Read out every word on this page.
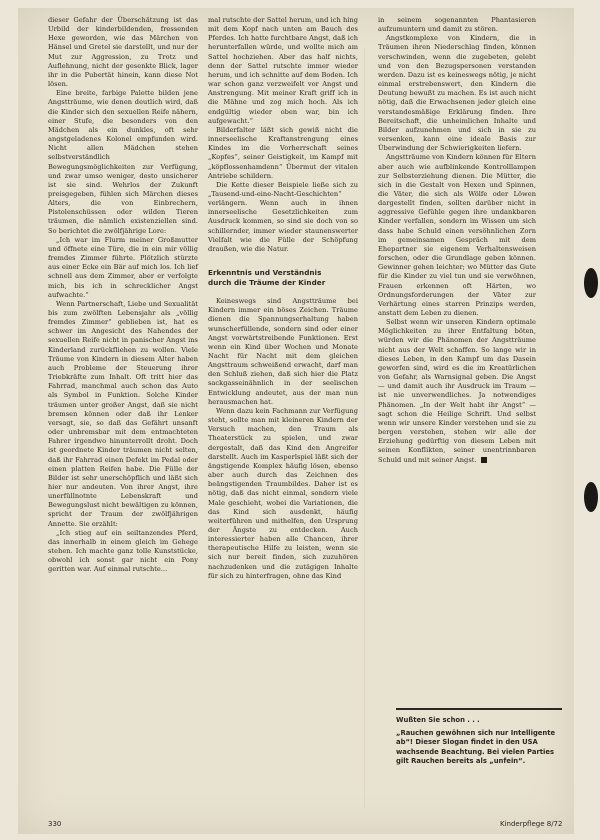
dieser Gefahr der Überschätzung ist das Urbild der kinderbildenden, fressenden Hexe geworden, wie das Märchen von Hänsel und Gretel sie darstellt, und nur der Mut zur Aggression, zu Trotz und Auflehnung, nicht der gesenkte Blick, lager ihr in die Pubertät hinein, kann diese Not lösen.

Eine breite, farbige Palette bilden jene Angstträume, wie denen deutlich wird, daß die Kinder sich den sexuellen Reife nähern, einer Stufe, die besonders von den Mädchen als ein dunkles, oft sehr angstgeladenes Kolonel empfunden wird. Nicht allen Mädchen stehen selbstverständlich Bewegungsmöglichkeiten zur Verfügung, und zwar umso weniger, desto unsicherer ist sie sind. Wehrlos der Zukunft preisgegeben, fühlen sich Märchen dieses Alters, die von Einbrechern, Pistolenschüssen oder wilden Tieren träumen, die nämlich existenziellen sind. So berichtet die zwölfjährige Lore:

„Ich war im Flurm meiner Großmutter und öffnete eine Türe, die in ein mir völlig fremdes Zimmer führte. Plötzlich stürzte aus einer Ecke ein Bär auf mich los. Ich lief schnell aus dem Zimmer, aber er verfolgte mich, bis ich in schrecklicher Angst aufwachte.“

Wenn Partnerschaft, Liebe und Sexualität bis zum zwölften Lebensjahr als „völlig fremdes Zimmer“ geblieben ist, hat es schwer im Angesicht des Nahendes der sexuellen Reife nicht in panischer Angst ins Kinderland zurückfliehen zu wollen. Viele Träume von Kindern in diesem Alter haben auch Probleme der Steuerung ihrer Triebkräfte zum Inhalt. Oft tritt hier das Fahrrad, manchmal auch schon das Auto als Symbol in Funktion. Solche Kinder träumen unter großer Angst, daß sie nicht bremsen können oder daß ihr Lenker versagt, sie, so daß das Gefährt unsanft oder unbremsbar mit dem entmachteten Fahrer irgendwo hinunterrollt droht. Doch ist geordnete Kinder träumen nicht selten, daß ihr Fahrrad einen Defekt im Pedal oder einen platten Reifen habe. Die Fülle der Bilder ist sehr unerschöpflich und läßt sich hier nur andeuten. Von ihrer Angst, ihre unerfüllnotnte Lebenskraft und Bewegungslust nicht bewältigen zu können, spricht der Traum der zwölfjährigen Annette. Sie erzählt:

„Ich stieg auf ein seiltanzendes Pferd, das innerhalb in einem gleich im Gehege stehen. Ich machte ganz tolle Kunststücke, obwohl ich sonst gar nicht ein Pony geritten war. Auf einmal rutschte...

mal rutschte der Sattel herum, und ich hing mit dem Kopf nach unten am Bauch des Pferdes. Ich hatte furchtbare Angst, daß ich herunterfallen würde, und wollte mich am Sattel hochziehen. Aber das half nichts, denn der Sattel rutschte immer wieder herum, und ich schnitte auf dem Boden. Ich war schon ganz verzweifelt vor Angst und Anstrengung. Mit meiner Kraft griff ich in die Mähne und zog mich hoch. Als ich endgültig wieder oben war, bin ich aufgewacht.“

Bilderfalter läßt sich gewiß nicht die innerseelische Kraftanstrengung eines Kindes im die Vorherrschaft seines „Kopfes“, seiner Geistigkeit, im Kampf mit „köpflossenhamdenn“ Übermut der vitalen Antriebe schildern.

Die Kette dieser Beispiele ließe sich zu „Tausend-und-eine-Nacht-Geschichten“ verlängern. Wenn auch in ihnen innerseelische Gesetzlichkeiten zum Ausdruck kommen, so sind sie doch von so schillernder, immer wieder staunenswerter Vielfalt wie die Fülle der Schöpfung draußen, wie die Natur.

Erkenntnis und Verständnis
durch die Träume der Kinder

Keineswegs sind Angstträume bei Kindern immer ein böses Zeichen. Träume dienen die Spannungserhaltung haben wunscherfüllende, sondern sind oder einer Angst vorwärtstreibende Funktionen. Erst wenn ein Kind über Wochen und Monate Nacht für Nacht mit dem gleichen Angsttraum schweißend erwacht, darf man den Schluß ziehen, daß sich hier die Platz sackgasseinähnlich in der seelischen Entwicklung andeutet, aus der man nun herausmachen hat.

Wenn dazu kein Fachmann zur Verfügung steht, sollte man mit kleineren Kindern der Versuch machen, den Traum als Theaterstück zu spielen, und zwar dergestalt, daß das Kind den Angreifer darstellt. Auch im Kasperlspiel läßt sich der ängstigende Komplex häufig lösen, ebenso aber auch durch das Zeichnen des beängstigenden Traumbildes. Daher ist es nötig, daß das nicht einmal, sondern viele Male geschieht, wobei die Variationen, die das Kind sich ausdenkt, häufig weiterführen und mithelfen, den Ursprung der Ängste zu entdecken. Auch interessierter haben alle Chancen, ihrer therapeutische Hilfe zu leisten, wenn sie sich nur bereit finden, sich zuzuhören nachzudenken und die zutägigen Inhalte für sich zu hinterfragen, ohne das Kind

in seinem sogenannten Phantasieren aufzumuntern und damit zu stören.

Angstkomplexe von Kindern, die in Träumen ihren Niederschlag finden, können verschwinden, wenn die zugebeten, gelebt und von den Bezugspersonen verstanden werden. Dazu ist es keineswegs nötig, je nicht einmal erstrebenswert, den Kindern die Deutung bewußt zu machen. Es ist auch nicht nötig, daß die Erwachsenen jeder gleich eine verstandesmäßige Erklärung finden. Ihre Bereitschaft, die unheimlichen Inhalte und Bilder aufzunehmen und sich in sie zu versenken, kann eine ideale Basis zur Überwindung der Schwierigkeiten liefern.

Angstträume von Kindern können für Eltern aber auch wie aufblinkende Kontrolllampen zur Selbsterziehung dienen. Die Mütter, die sich in die Gestalt von Hexen und Spinnen, die Väter, die sich als Wölfe oder Löwen dargestellt finden, sollten darüber nicht in aggressive Gefühle gegen ihre undankbaren Kinder verfallen, sondern im Wissen um sich dass habe Schuld einen versöhnlichen Zorn im gemeinsamen Gespräch mit dem Ehepartner sie eigenem Verhaltensweisen forschen, oder die Grundlage geben können. Gewinner gehen leichter; wo Mütter das Gute für die Kinder zu viel tun und sie verwöhnen, Frauen erkennen oft Härten, wo Ordnungsforderungen der Väter zur Verhärtung eines starren Prinzips werden, anstatt dem Leben zu dienen.

Selbst wenn wir unseren Kindern optimale Möglichkeiten zu ihrer Entfaltung böten, würden wir die Phänomen der Angstträume nicht aus der Welt schaffen. So lange wir in dieses Leben, in den Kampf um das Dasein geworfen sind, wird es die im Kreatürlichen von Gefahr, als Warnsignal geben. Die Angst — und damit auch ihr Ausdruck im Traum — ist nie unverwendliches. Ja notwendiges Phänomen. „In der Welt habt ihr Angst“ — sagt schon die Heilige Schrift. Und selbst wenn wir unsere Kinder verstehen und sie zu bergen verstehen, stehen wir alle der Erziehung gedürftig von diesem Leben mit seinen Konflikten, seiner unentrinnbaren Schuld und mit seiner Angst.

Wußten Sie schon . . .

„Rauchen gewöhnen sich nur Intelligente ab“! Dieser Slogan findet in den USA wachsende Beachtung. Bei vielen Parties gilt Rauchen bereits als „unfein“.

330	Kinderpflege 8/72
